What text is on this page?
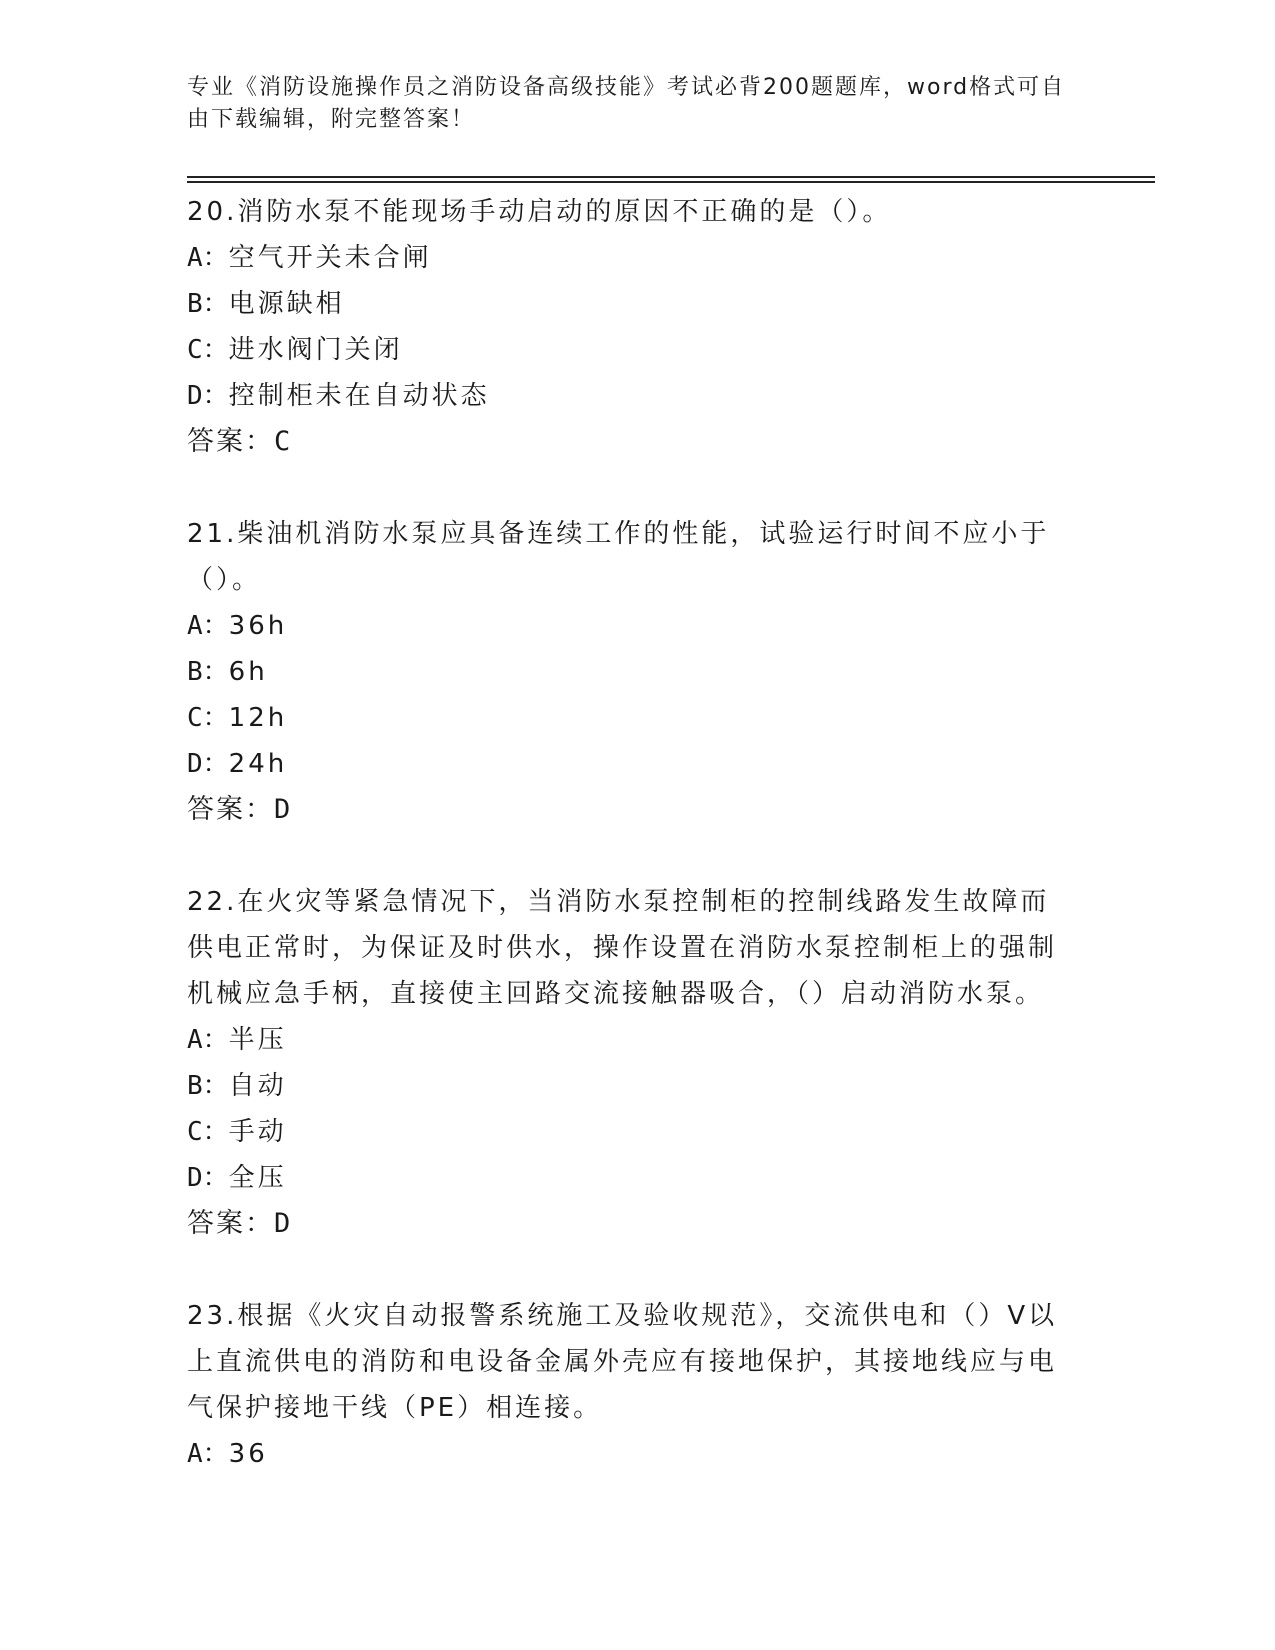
专业《消防设施操作员之消防设备高级技能》考试必背200题题库，word格式可自由下载编辑，附完整答案！

20.消防水泵不能现场手动启动的原因不正确的是（）。

A：空气开关未合闸
B：电源缺相
C：进水阀门关闭
D：控制柜未在自动状态

答案：C

21.柴油机消防水泵应具备连续工作的性能，试验运行时间不应小于（）。

A：36h
B：6h
C：12h
D：24h

答案：D

22.在火灾等紧急情况下，当消防水泵控制柜的控制线路发生故障而供电正常时，为保证及时供水，操作设置在消防水泵控制柜上的强制机械应急手柄，直接使主回路交流接触器吸合，（）启动消防水泵。

A：半压
B：自动
C：手动
D：全压

答案：D

23.根据《火灾自动报警系统施工及验收规范》，交流供电和（）V以上直流供电的消防和电设备金属外壳应有接地保护，其接地线应与电气保护接地干线（PE）相连接。

A：36
